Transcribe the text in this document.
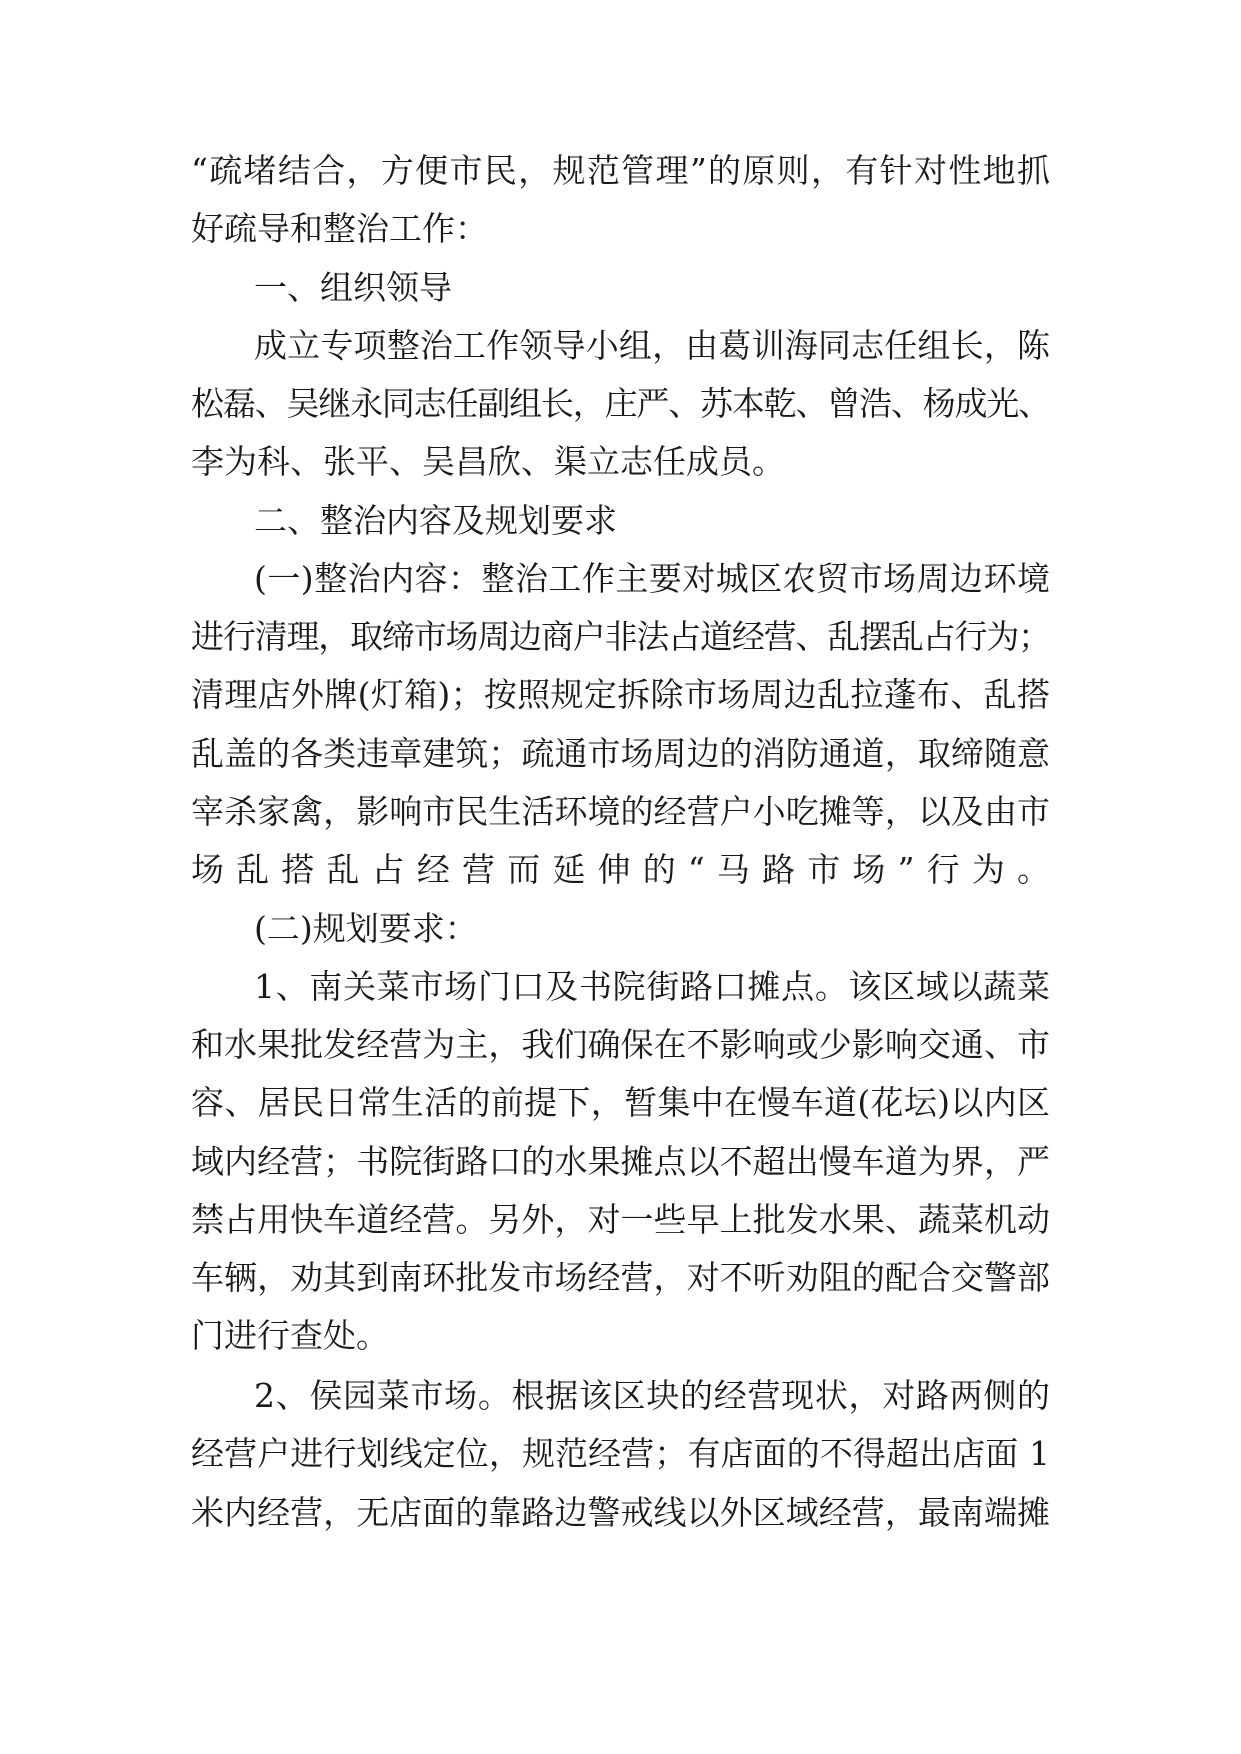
“疏堵结合，方便市民，规范管理”的原则，有针对性地抓
好疏导和整治工作：
一、组织领导
成立专项整治工作领导小组，由葛训海同志任组长，陈
松磊、吴继永同志任副组长，庄严、苏本乾、曾浩、杨成光、
李为科、张平、吴昌欣、渠立志任成员。
二、整治内容及规划要求
(一)整治内容：整治工作主要对城区农贸市场周边环境
进行清理，取缔市场周边商户非法占道经营、乱摆乱占行为；
清理店外牌(灯箱)；按照规定拆除市场周边乱拉蓬布、乱搭
乱盖的各类违章建筑；疏通市场周边的消防通道，取缔随意
宰杀家禽，影响市民生活环境的经营户小吃摊等，以及由市
场乱搭乱占经营而延伸的“马路市场”行为。
(二)规划要求：
1、南关菜市场门口及书院街路口摊点。该区域以蔬菜
和水果批发经营为主，我们确保在不影响或少影响交通、市
容、居民日常生活的前提下，暂集中在慢车道(花坛)以内区
域内经营；书院街路口的水果摊点以不超出慢车道为界，严
禁占用快车道经营。另外，对一些早上批发水果、蔬菜机动
车辆，劝其到南环批发市场经营，对不听劝阻的配合交警部
门进行查处。
2、侯园菜市场。根据该区块的经营现状，对路两侧的
经营户进行划线定位，规范经营；有店面的不得超出店面 1
米内经营，无店面的靠路边警戒线以外区域经营，最南端摊
